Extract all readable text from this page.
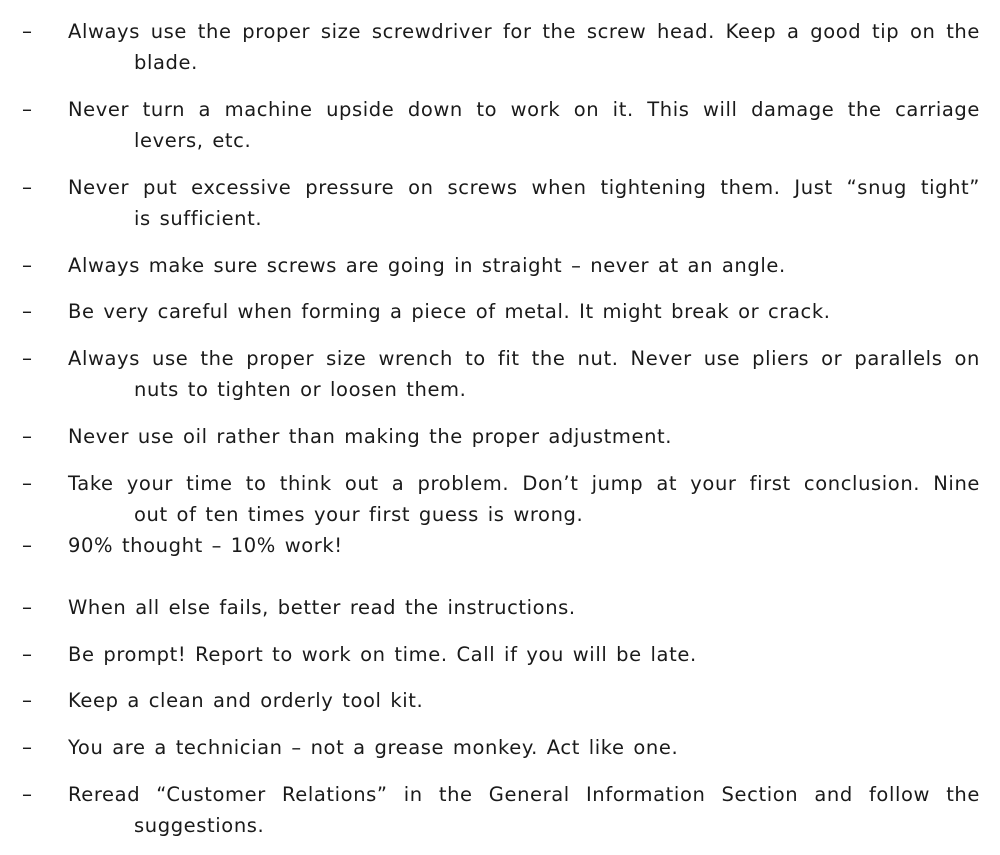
– Always use the proper size screwdriver for the screw head. Keep a good tip on the
blade.
– Never turn a machine upside down to work on it. This will damage the carriage
levers, etc.
– Never put excessive pressure on screws when tightening them. Just “snug tight”
is sufficient.
– Always make sure screws are going in straight – never at an angle.
– Be very careful when forming a piece of metal. It might break or crack.
– Always use the proper size wrench to fit the nut. Never use pliers or parallels on
nuts to tighten or loosen them.
– Never use oil rather than making the proper adjustment.
– Take your time to think out a problem. Don’t jump at your first conclusion. Nine
out of ten times your first guess is wrong.
– 90% thought – 10% work!
– When all else fails, better read the instructions.
– Be prompt! Report to work on time. Call if you will be late.
– Keep a clean and orderly tool kit.
– You are a technician – not a grease monkey. Act like one.
– Reread “Customer Relations” in the General Information Section and follow the
suggestions.
